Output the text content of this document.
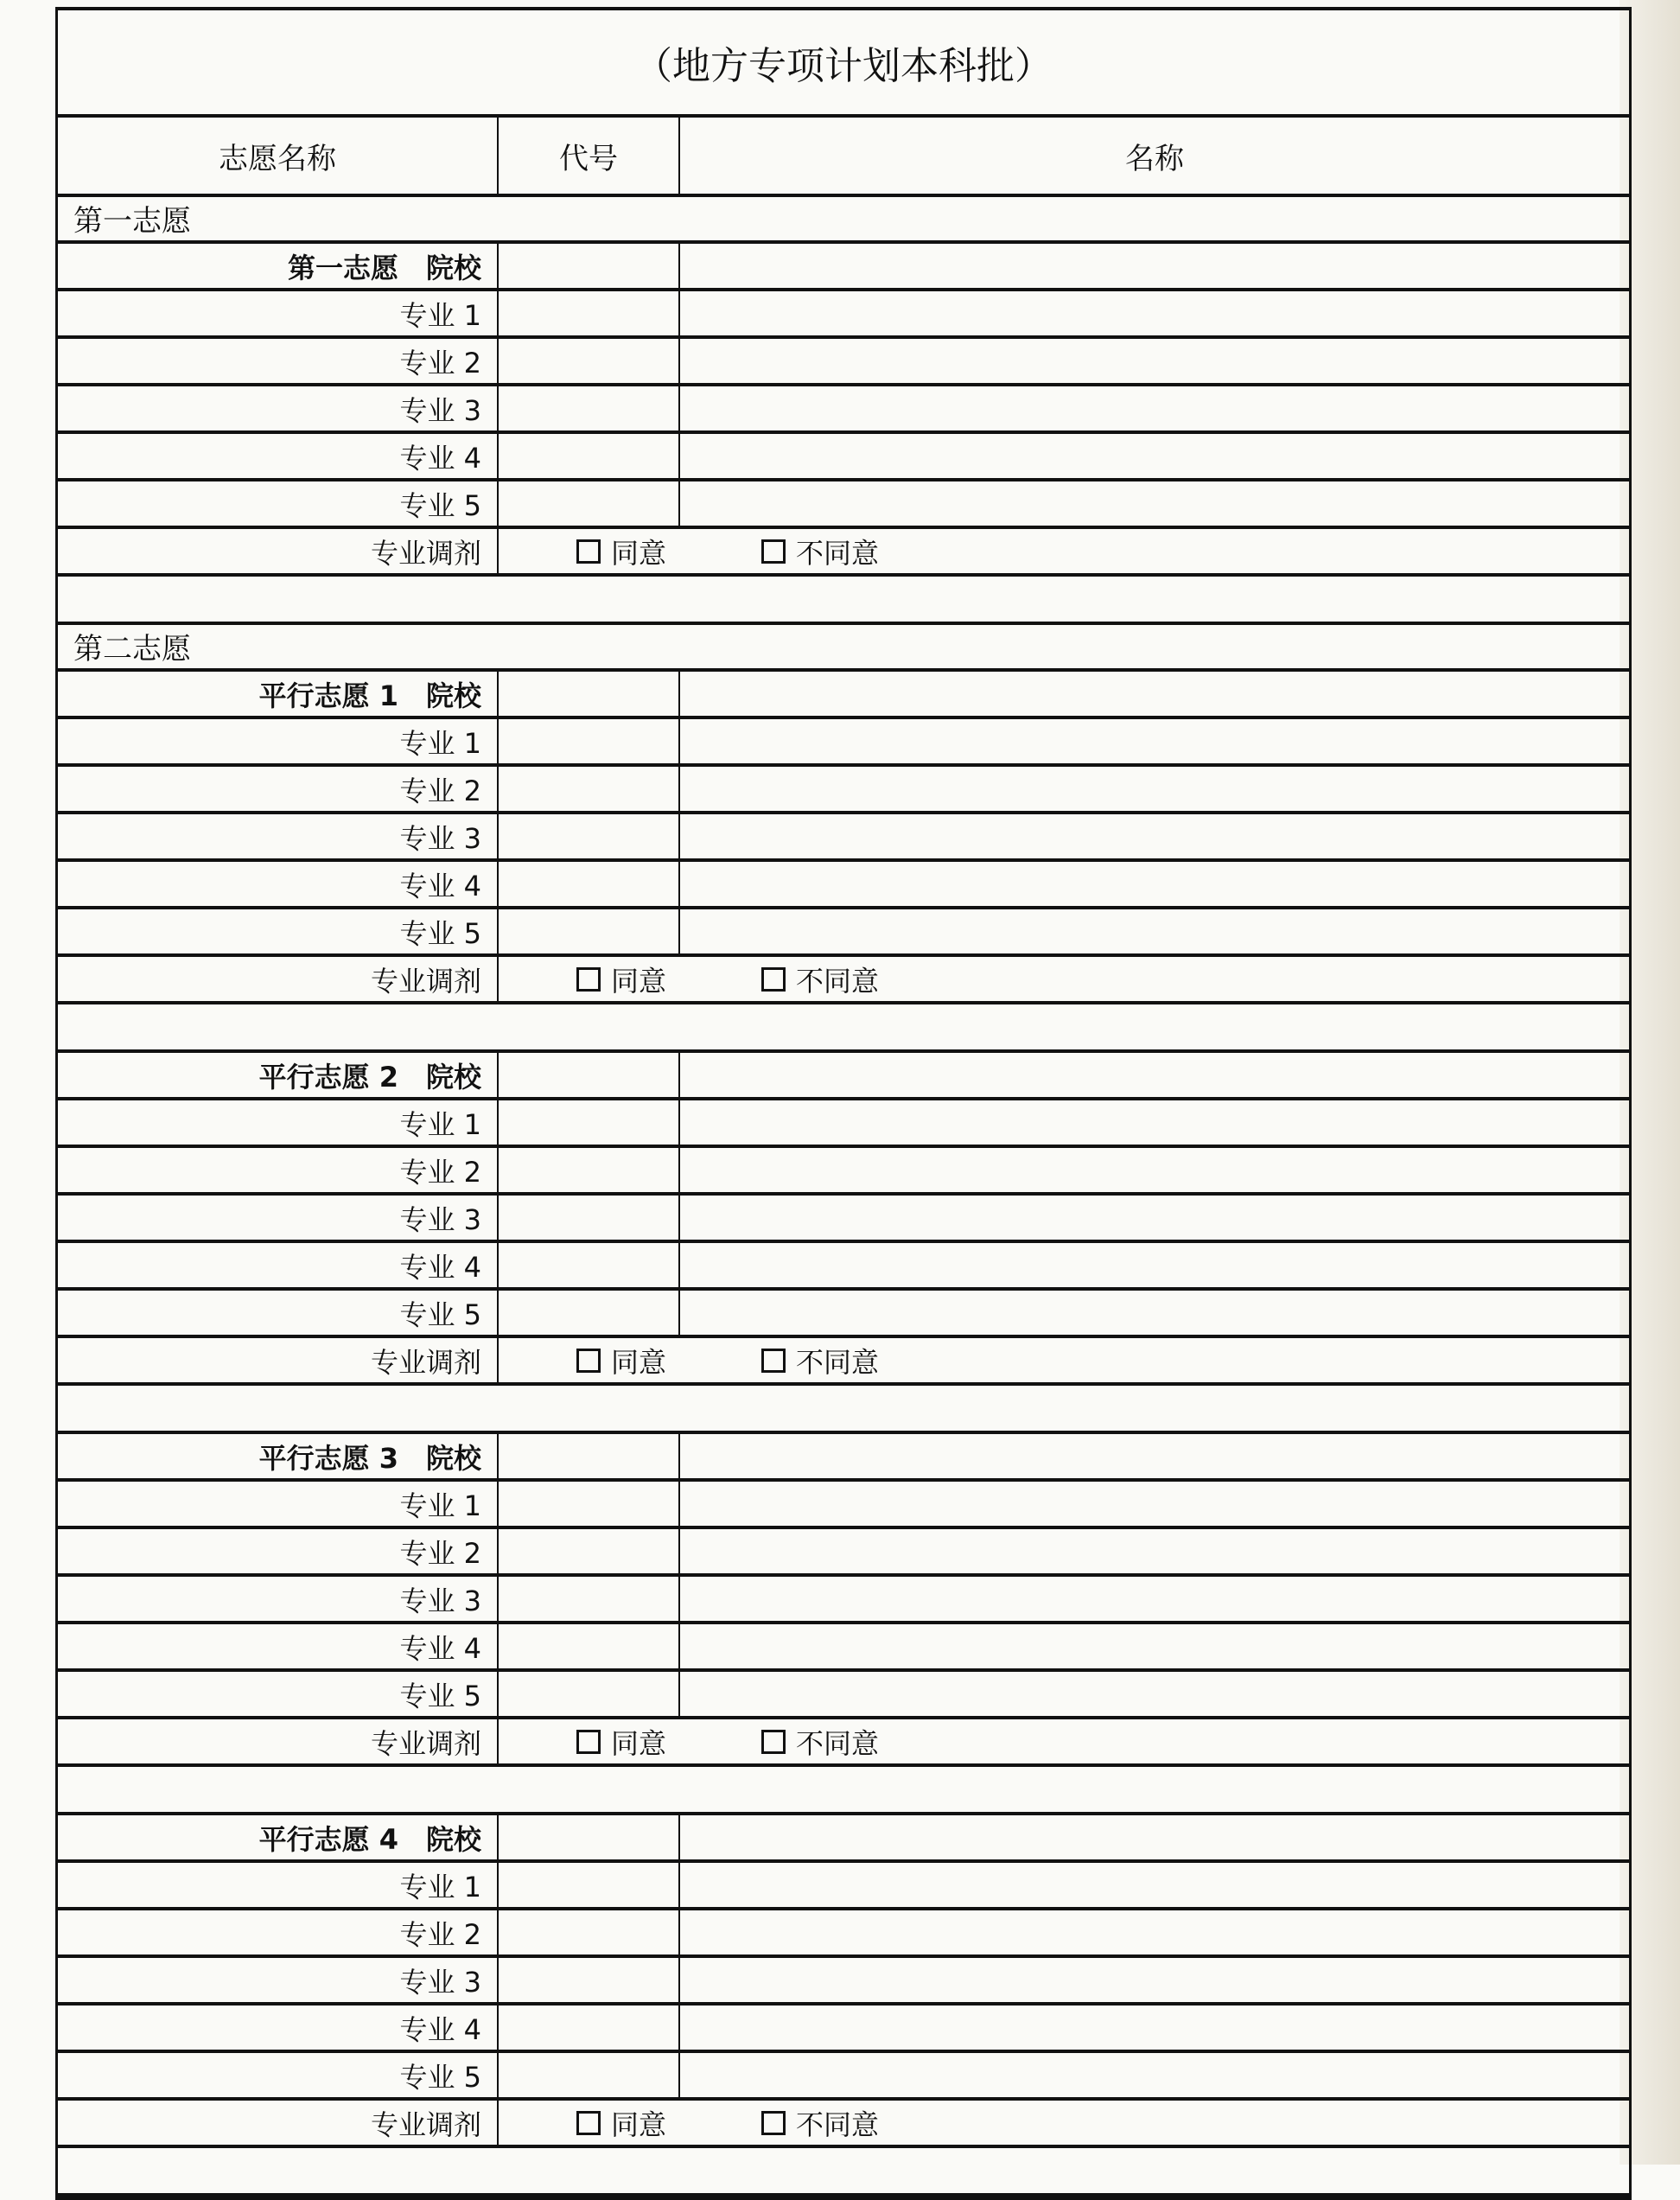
（地方专项计划本科批）
志愿名称	代号	名称
第一志愿
第一志愿　院校
专业 1
专业 2
专业 3
专业 4
专业 5
专业调剂	同意	不同意
第二志愿
平行志愿 1　院校
专业 1
专业 2
专业 3
专业 4
专业 5
专业调剂	同意	不同意
平行志愿 2　院校
专业 1
专业 2
专业 3
专业 4
专业 5
专业调剂	同意	不同意
平行志愿 3　院校
专业 1
专业 2
专业 3
专业 4
专业 5
专业调剂	同意	不同意
平行志愿 4　院校
专业 1
专业 2
专业 3
专业 4
专业 5
专业调剂	同意	不同意
